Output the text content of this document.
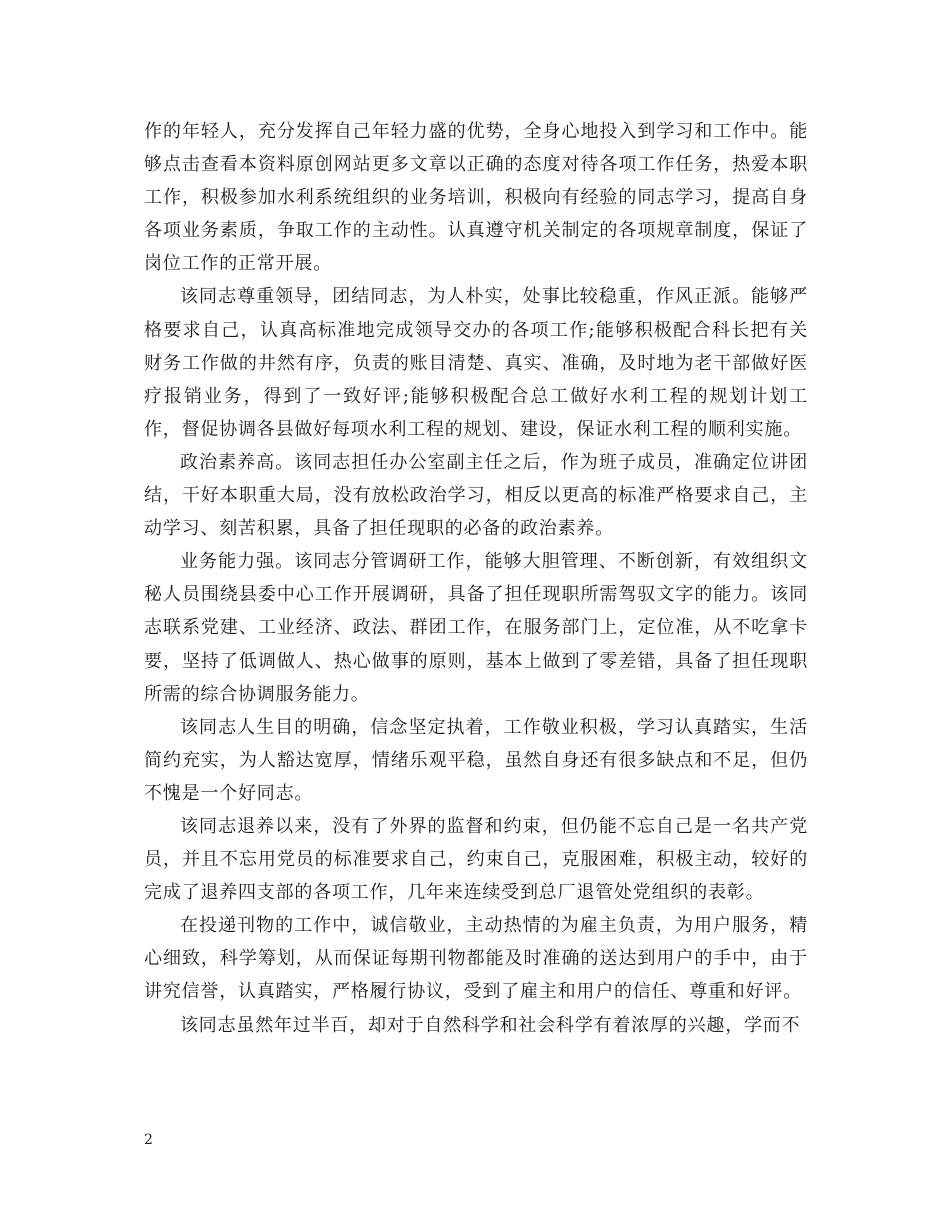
作的年轻人，充分发挥自己年轻力盛的优势，全身心地投入到学习和工作中。能够点击查看本资料原创网站更多文章以正确的态度对待各项工作任务，热爱本职工作，积极参加水利系统组织的业务培训，积极向有经验的同志学习，提高自身各项业务素质，争取工作的主动性。认真遵守机关制定的各项规章制度，保证了岗位工作的正常开展。

该同志尊重领导，团结同志，为人朴实，处事比较稳重，作风正派。能够严格要求自己，认真高标准地完成领导交办的各项工作;能够积极配合科长把有关财务工作做的井然有序，负责的账目清楚、真实、准确，及时地为老干部做好医疗报销业务，得到了一致好评;能够积极配合总工做好水利工程的规划计划工作，督促协调各县做好每项水利工程的规划、建设，保证水利工程的顺利实施。

政治素养高。该同志担任办公室副主任之后，作为班子成员，准确定位讲团结，干好本职重大局，没有放松政治学习，相反以更高的标准严格要求自己，主动学习、刻苦积累，具备了担任现职的必备的政治素养。

业务能力强。该同志分管调研工作，能够大胆管理、不断创新，有效组织文秘人员围绕县委中心工作开展调研，具备了担任现职所需驾驭文字的能力。该同志联系党建、工业经济、政法、群团工作，在服务部门上，定位准，从不吃拿卡要，坚持了低调做人、热心做事的原则，基本上做到了零差错，具备了担任现职所需的综合协调服务能力。

该同志人生目的明确，信念坚定执着，工作敬业积极，学习认真踏实，生活简约充实，为人豁达宽厚，情绪乐观平稳，虽然自身还有很多缺点和不足，但仍不愧是一个好同志。

该同志退养以来，没有了外界的监督和约束，但仍能不忘自己是一名共产党员，并且不忘用党员的标准要求自己，约束自己，克服困难，积极主动，较好的完成了退养四支部的各项工作，几年来连续受到总厂退管处党组织的表彰。

在投递刊物的工作中，诚信敬业，主动热情的为雇主负责，为用户服务，精心细致，科学筹划，从而保证每期刊物都能及时准确的送达到用户的手中，由于讲究信誉，认真踏实，严格履行协议，受到了雇主和用户的信任、尊重和好评。

该同志虽然年过半百，却对于自然科学和社会科学有着浓厚的兴趣，学而不

2
